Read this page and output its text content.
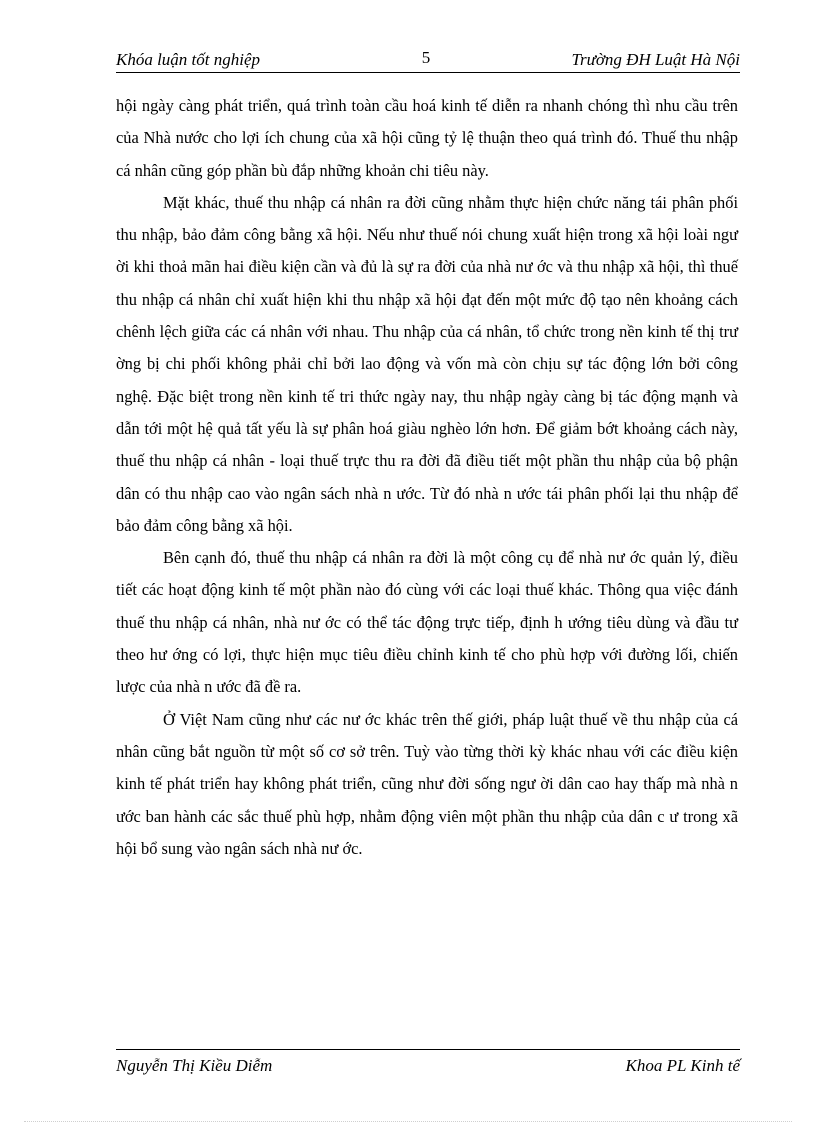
Khóa luận tốt nghiệp	5	Trường ĐH Luật Hà Nội

hội ngày càng phát triển, quá trình toàn cầu hoá kinh tế diễn ra nhanh chóng thì nhu cầu trên của Nhà nước cho lợi ích chung của xã hội cũng tỷ lệ thuận theo quá trình đó. Thuế thu nhập cá nhân cũng góp phần bù đắp những khoản chi tiêu này.

Mặt khác, thuế thu nhập cá nhân ra đời cũng nhằm thực hiện chức năng tái phân phối thu nhập, bảo đảm công bằng xã hội. Nếu như thuế nói chung xuất hiện trong xã hội loài ngư ời khi thoả mãn hai điều kiện cần và đủ là sự ra đời của nhà nư ớc và thu nhập xã hội, thì thuế thu nhập cá nhân chỉ xuất hiện khi thu nhập xã hội đạt đến một mức độ tạo nên khoảng cách chênh lệch giữa các cá nhân với nhau. Thu nhập của cá nhân, tổ chức trong nền kinh tế thị trư ờng bị chi phối không phải chỉ bởi lao động và vốn mà còn chịu sự tác động lớn bởi công nghệ. Đặc biệt trong nền kinh tế tri thức ngày nay, thu nhập ngày càng bị tác động mạnh và dẫn tới một hệ quả tất yếu là sự phân hoá giàu nghèo lớn hơn. Để giảm bớt khoảng cách này, thuế thu nhập cá nhân - loại thuế trực thu ra đời đã điều tiết một phần thu nhập của bộ phận dân có thu nhập cao vào ngân sách nhà n ước. Từ đó nhà n ước tái phân phối lại thu nhập để bảo đảm công bằng xã hội.

Bên cạnh đó, thuế thu nhập cá nhân ra đời là một công cụ để nhà nư ớc quản lý, điều tiết các hoạt động kinh tế một phần nào đó cùng với các loại thuế khác. Thông qua việc đánh thuế thu nhập cá nhân, nhà nư ớc có thể tác động trực tiếp, định h ướng tiêu dùng và đầu tư theo hư ớng có lợi, thực hiện mục tiêu điều chỉnh kinh tế cho phù hợp với đường lối, chiến lược của nhà n ước đã đề ra.

Ở Việt Nam cũng như các nư ớc khác trên thế giới, pháp luật thuế về thu nhập của cá nhân cũng bắt nguồn từ một số cơ sở trên. Tuỳ vào từng thời kỳ khác nhau với các điều kiện kinh tế phát triển hay không phát triển, cũng như đời sống ngư ời dân cao hay thấp mà nhà n ước ban hành các sắc thuế phù hợp, nhằm động viên một phần thu nhập của dân c ư trong xã hội bổ sung vào ngân sách nhà nư ớc.

Nguyễn Thị Kiều Diễm	Khoa PL Kinh tế
